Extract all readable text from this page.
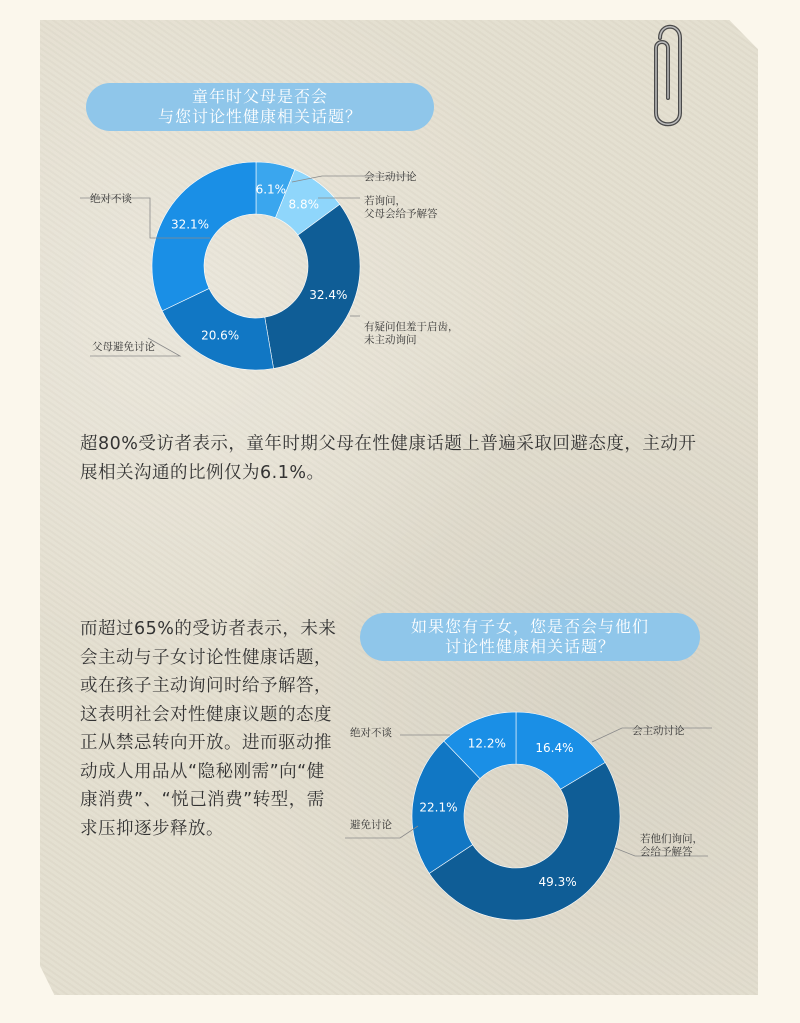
童年时父母是否会
与您讨论性健康相关话题？
6.1%
8.8%
32.4%
20.6%
32.1%
会主动讨论
若询问， 父母会给予解答
有疑问但羞于启齿， 未主动询问
父母避免讨论
绝对不谈
超80%受访者表示，童年时期父母在性健康话题上普遍采取回避态度，主动开展相关沟通的比例仅为6.1%。
而超过65%的受访者表示，未来会主动与子女讨论性健康话题，或在孩子主动询问时给予解答，这表明社会对性健康议题的态度正从禁忌转向开放。进而驱动推动成人用品从“隐秘刚需”向“健康消费”、“悦己消费”转型，需求压抑逐步释放。
如果您有子女，您是否会与他们
讨论性健康相关话题？
16.4%
49.3%
22.1%
12.2%
会主动讨论
若他们询问， 会给予解答
避免讨论
绝对不谈
